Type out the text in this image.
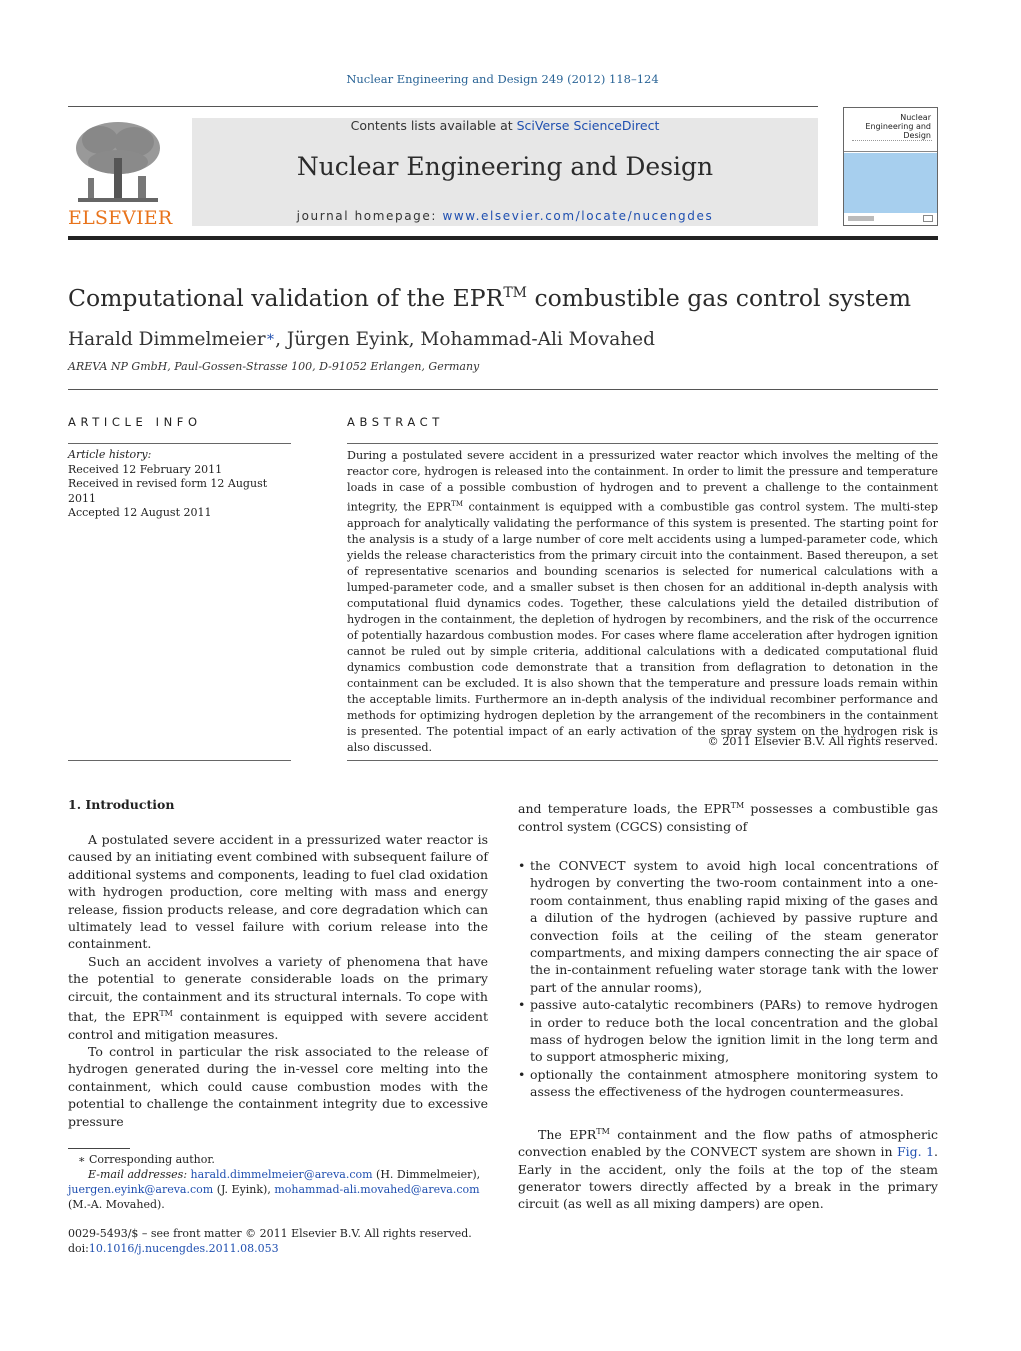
Nuclear Engineering and Design 249 (2012) 118–124
ELSEVIER
Contents lists available at SciVerse ScienceDirect
Nuclear Engineering and Design
journal homepage: www.elsevier.com/locate/nucengdes
Nuclear Engineering and Design
Computational validation of the EPR™ combustible gas control system
Harald Dimmelmeier∗, Jürgen Eyink, Mohammad-Ali Movahed
AREVA NP GmbH, Paul-Gossen-Strasse 100, D-91052 Erlangen, Germany
ARTICLE INFO	ABSTRACT
Article history:
Received 12 February 2011
Received in revised form 12 August 2011
Accepted 12 August 2011
During a postulated severe accident in a pressurized water reactor which involves the melting of the reactor core, hydrogen is released into the containment. In order to limit the pressure and temperature loads in case of a possible combustion of hydrogen and to prevent a challenge to the containment integrity, the EPR™ containment is equipped with a combustible gas control system. The multi-step approach for analytically validating the performance of this system is presented. The starting point for the analysis is a study of a large number of core melt accidents using a lumped-parameter code, which yields the release characteristics from the primary circuit into the containment. Based thereupon, a set of representative scenarios and bounding scenarios is selected for numerical calculations with a lumped-parameter code, and a smaller subset is then chosen for an additional in-depth analysis with computational fluid dynamics codes. Together, these calculations yield the detailed distribution of hydrogen in the containment, the depletion of hydrogen by recombiners, and the risk of the occurrence of potentially hazardous combustion modes. For cases where flame acceleration after hydrogen ignition cannot be ruled out by simple criteria, additional calculations with a dedicated computational fluid dynamics combustion code demonstrate that a transition from deflagration to detonation in the containment can be excluded. It is also shown that the temperature and pressure loads remain within the acceptable limits. Furthermore an in-depth analysis of the individual recombiner performance and methods for optimizing hydrogen depletion by the arrangement of the recombiners in the containment is presented. The potential impact of an early activation of the spray system on the hydrogen risk is also discussed.	© 2011 Elsevier B.V. All rights reserved.
1. Introduction

A postulated severe accident in a pressurized water reactor is caused by an initiating event combined with subsequent failure of additional systems and components, leading to fuel clad oxidation with hydrogen production, core melting with mass and energy release, fission products release, and core degradation which can ultimately lead to vessel failure with corium release into the containment.

Such an accident involves a variety of phenomena that have the potential to generate considerable loads on the primary circuit, the containment and its structural internals. To cope with that, the EPR™ containment is equipped with severe accident control and mitigation measures.

To control in particular the risk associated to the release of hydrogen generated during the in-vessel core melting into the containment, which could cause combustion modes with the potential to challenge the containment integrity due to excessive pressure

and temperature loads, the EPR™ possesses a combustible gas control system (CGCS) consisting of
• the CONVECT system to avoid high local concentrations of hydrogen by converting the two-room containment into a one-room containment, thus enabling rapid mixing of the gases and a dilution of the hydrogen (achieved by passive rupture and convection foils at the ceiling of the steam generator compartments, and mixing dampers connecting the air space of the in-containment refueling water storage tank with the lower part of the annular rooms),
• passive auto-catalytic recombiners (PARs) to remove hydrogen in order to reduce both the local concentration and the global mass of hydrogen below the ignition limit in the long term and to support atmospheric mixing,
• optionally the containment atmosphere monitoring system to assess the effectiveness of the hydrogen countermeasures.

The EPR™ containment and the flow paths of atmospheric convection enabled by the CONVECT system are shown in Fig. 1. Early in the accident, only the foils at the top of the steam generator towers directly affected by a break in the primary circuit (as well as all mixing dampers) are open.

∗ Corresponding author.
E-mail addresses: harald.dimmelmeier@areva.com (H. Dimmelmeier),
juergen.eyink@areva.com (J. Eyink), mohammad-ali.movahed@areva.com
(M.-A. Movahed).
0029-5493/$ – see front matter © 2011 Elsevier B.V. All rights reserved.
doi:10.1016/j.nucengdes.2011.08.053
